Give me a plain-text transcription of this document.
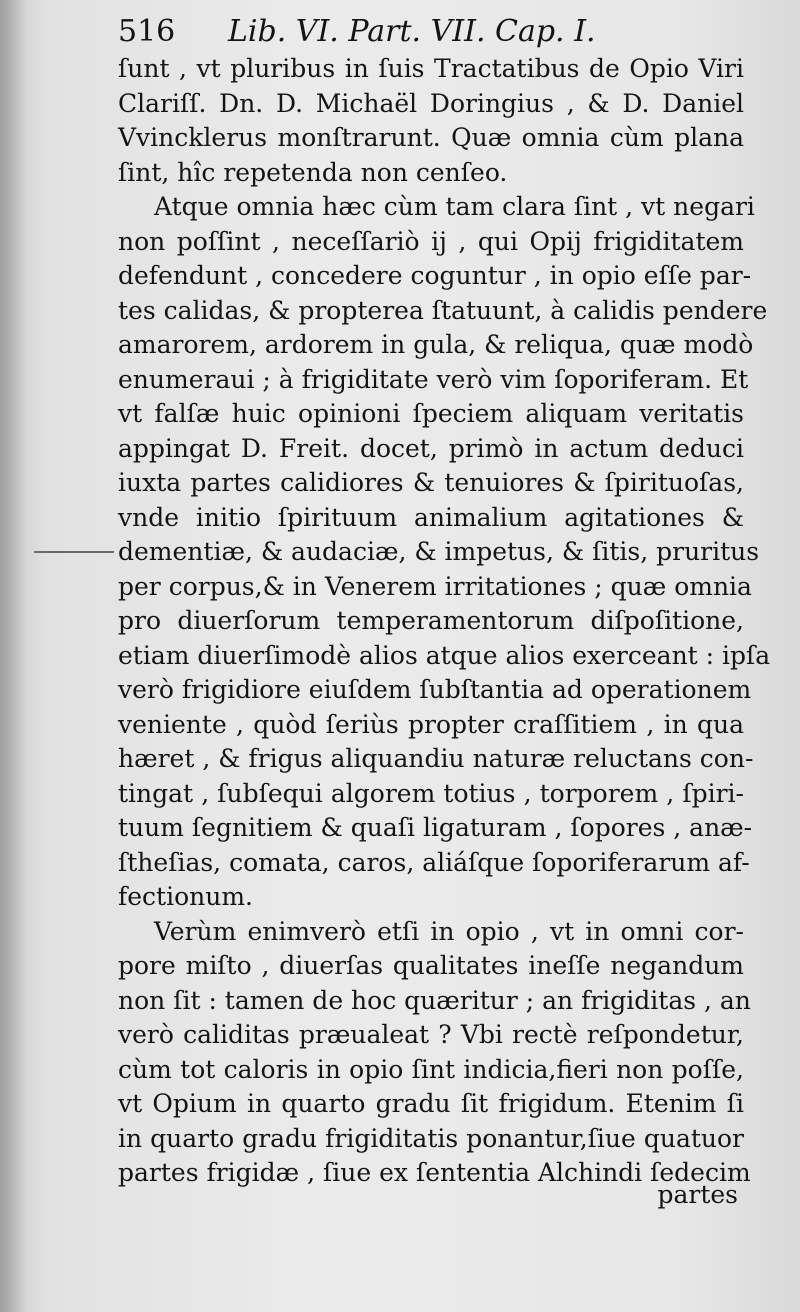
516 Lib. VI. Part. VII. Cap. I.
ſunt , vt pluribus in ſuis Tractatibus de Opio Viri
Clariſſ. Dn. D. Michaël Doringius , & D. Daniel
Vvincklerus monſtrarunt. Quæ omnia cùm plana
ſint, hîc repetenda non cenſeo.
Atque omnia hæc cùm tam clara ſint , vt negari
non poſſint , neceſſariò ij , qui Opij frigiditatem
defendunt , concedere coguntur , in opio eſſe par-
tes calidas, & propterea ſtatuunt, à calidis pendere
amarorem, ardorem in gula, & reliqua, quæ modò
enumeraui ; à frigiditate verò vim ſoporiferam. Et
vt falſæ huic opinioni ſpeciem aliquam veritatis
appingat D. Freit. docet, primò in actum deduci
iuxta partes calidiores & tenuiores & ſpirituoſas,
vnde initio ſpirituum animalium agitationes &
dementiæ, & audaciæ, & impetus, & ſitis, pruritus
per corpus,& in Venerem irritationes ; quæ omnia
pro diuerſorum temperamentorum diſpoſitione,
etiam diuerſimodè alios atque alios exerceant : ipſa
verò frigidiore eiuſdem ſubſtantia ad operationem
veniente , quòd ſeriùs propter craſſitiem , in qua
hæret , & frigus aliquandiu naturæ reluctans con-
tingat , ſubſequi algorem totius , torporem , ſpiri-
tuum ſegnitiem & quaſi ligaturam , ſopores , anæ-
ſtheſias, comata, caros, aliáſque ſoporiferarum af-
fectionum.
Verùm enimverò etſi in opio , vt in omni cor-
pore miſto , diuerſas qualitates ineſſe negandum
non ſit : tamen de hoc quæritur ; an frigiditas , an
verò caliditas præualeat ? Vbi rectè reſpondetur,
cùm tot caloris in opio ſint indicia,fieri non poſſe,
vt Opium in quarto gradu ſit frigidum. Etenim ſi
in quarto gradu frigiditatis ponantur,ſiue quatuor
partes frigidæ , ſiue ex ſententia Alchindi ſedecim
partes
